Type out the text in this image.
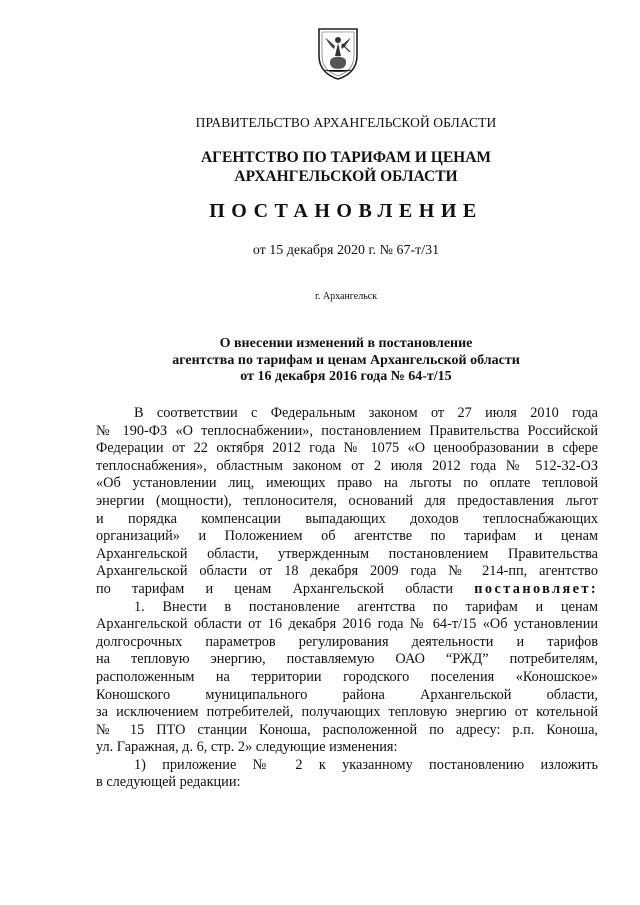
ПРАВИТЕЛЬСТВО АРХАНГЕЛЬСКОЙ ОБЛАСТИ
АГЕНТСТВО ПО ТАРИФАМ И ЦЕНАМ
АРХАНГЕЛЬСКОЙ ОБЛАСТИ
ПОСТАНОВЛЕНИЕ
от 15 декабря 2020 г. № 67-т/31
г. Архангельск
О внесении изменений в постановление
агентства по тарифам и ценам Архангельской области
от 16 декабря 2016 года № 64-т/15
В соответствии с Федеральным законом от 27 июля 2010 года
№ 190-ФЗ «О теплоснабжении», постановлением Правительства Российской
Федерации от 22 октября 2012 года № 1075 «О ценообразовании в сфере
теплоснабжения», областным законом от 2 июля 2012 года № 512-32-ОЗ
«Об установлении лиц, имеющих право на льготы по оплате тепловой
энергии (мощности), теплоносителя, оснований для предоставления льгот
и порядка компенсации выпадающих доходов теплоснабжающих
организаций» и Положением об агентстве по тарифам и ценам
Архангельской области, утвержденным постановлением Правительства
Архангельской области от 18 декабря 2009 года № 214-пп, агентство
по тарифам и ценам Архангельской области постановляет:
1. Внести в постановление агентства по тарифам и ценам
Архангельской области от 16 декабря 2016 года № 64-т/15 «Об установлении
долгосрочных параметров регулирования деятельности и тарифов
на тепловую энергию, поставляемую ОАО “РЖД” потребителям,
расположенным на территории городского поселения «Коношское»
Коношского муниципального района Архангельской области,
за исключением потребителей, получающих тепловую энергию от котельной
№ 15 ПТО станции Коноша, расположенной по адресу: р.п. Коноша,
ул. Гаражная, д. 6, стр. 2» следующие изменения:
1) приложение № 2 к указанному постановлению изложить
в следующей редакции:
